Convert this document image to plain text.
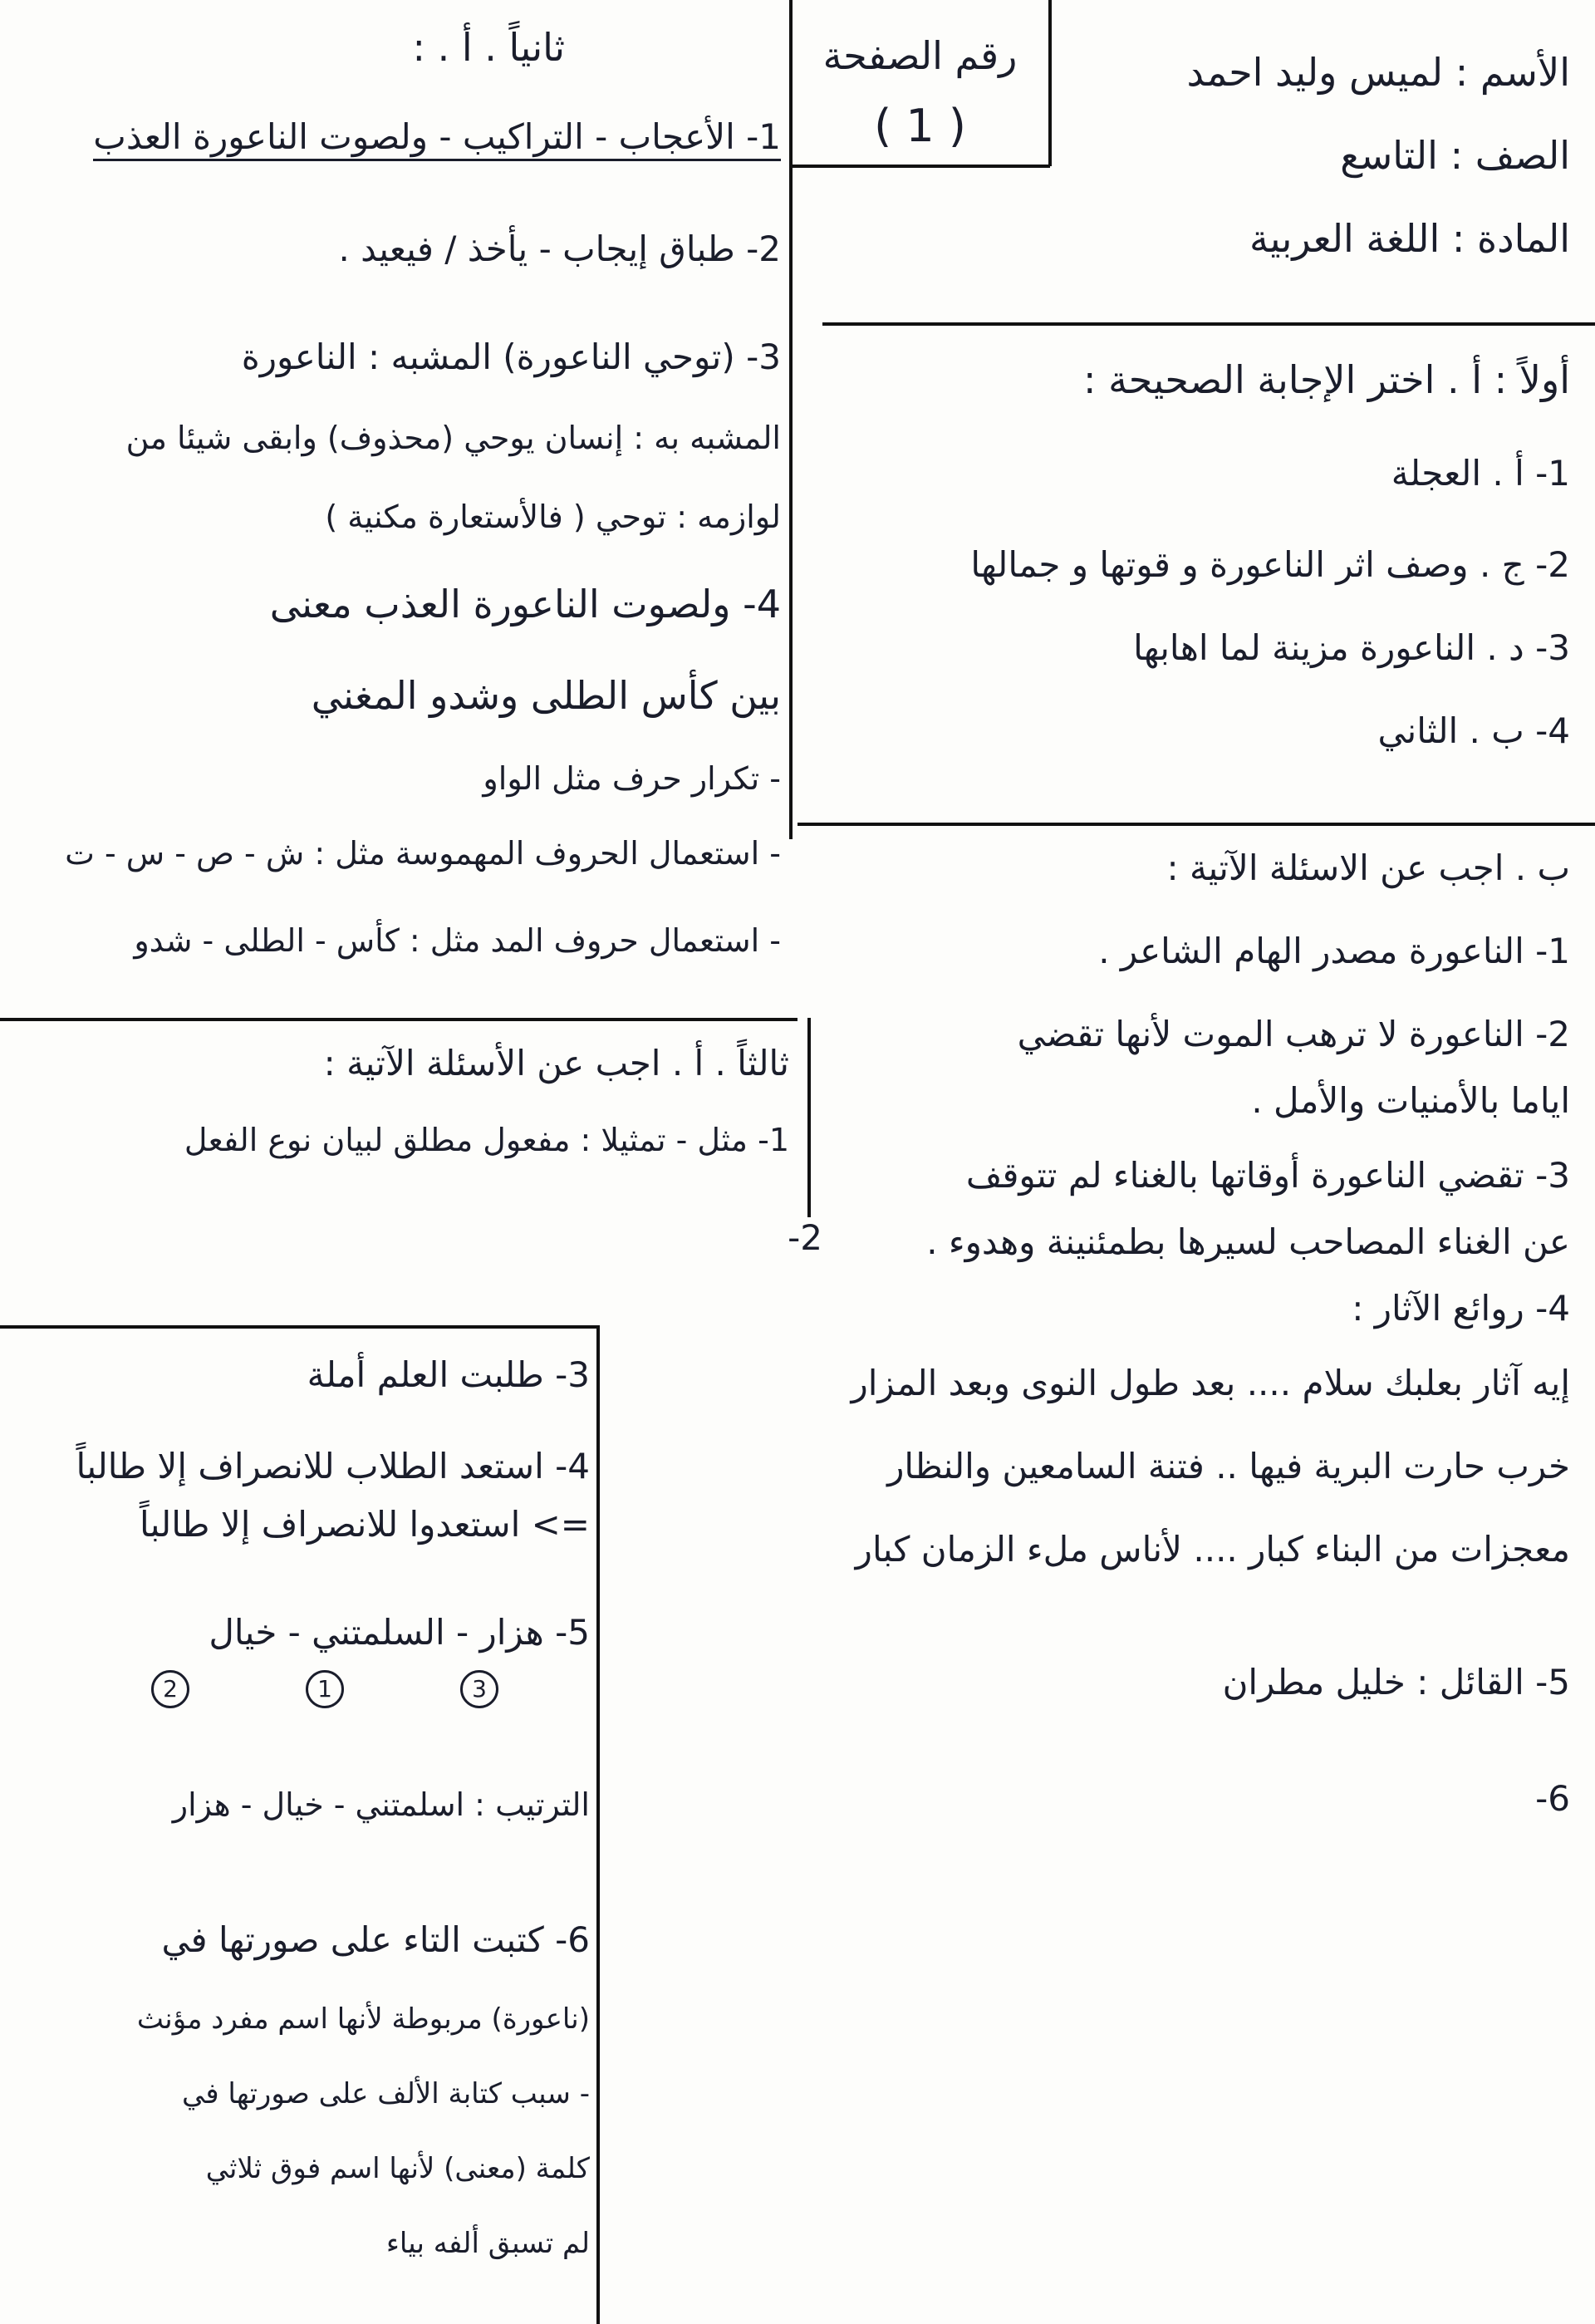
الأسم : لميس وليد احمد
الصف : التاسع
المادة : اللغة العربية
رقم الصفحة
( 1 )
أولاً : أ . اختر الإجابة الصحيحة :
1- أ . العجلة
2- ج . وصف اثر الناعورة و قوتها و جمالها
3- د . الناعورة مزينة لما اهابها
4- ب . الثاني
ب . اجب عن الاسئلة الآتية :
1- الناعورة مصدر الهام الشاعر .
2- الناعورة لا ترهب الموت لأنها تقضي
اياما بالأمنيات والأمل .
3- تقضي الناعورة أوقاتها بالغناء لم تتوقف
عن الغناء المصاحب لسيرها بطمئنينة وهدوء .
4- روائع الآثار :
إيه آثار بعلبك سلام .... بعد طول النوى وبعد المزار
خرب حارت البرية فيها .. فتنة السامعين والنظار
معجزات من البناء كبار .... لأناس ملء الزمان كبار
5- القائل : خليل مطران
6-
ثانياً . أ . :
1- الأعجاب - التراكيب - ولصوت الناعورة العذب
2- طباق إيجاب - يأخذ / فيعيد .
3- (توحي الناعورة) المشبه : الناعورة
المشبه به : إنسان يوحي (محذوف) وابقى شيئا من
لوازمه : توحي ( فالأستعارة مكنية )
4- ولصوت الناعورة العذب معنى
بين كأس الطلى وشدو المغني
- تكرار حرف مثل الواو
- استعمال الحروف المهموسة مثل : ش - ص - س - ت
- استعمال حروف المد مثل : كأس - الطلى - شدو
ثالثاً . أ . اجب عن الأسئلة الآتية :
1- مثل - تمثيلا : مفعول مطلق لبيان نوع الفعل
2-
3- طلبت العلم أملة
4- استعد الطلاب للانصراف إلا طالباً
=> استعدوا للانصراف إلا طالباً
5- هزار - السلمتني - خيال
312
الترتيب : اسلمتني - خيال - هزار
6- كتبت التاء على صورتها في
(ناعورة) مربوطة لأنها اسم مفرد مؤنث
- سبب كتابة الألف على صورتها في
كلمة (معنى) لأنها اسم فوق ثلاثي
لم تسبق ألفه بياء
